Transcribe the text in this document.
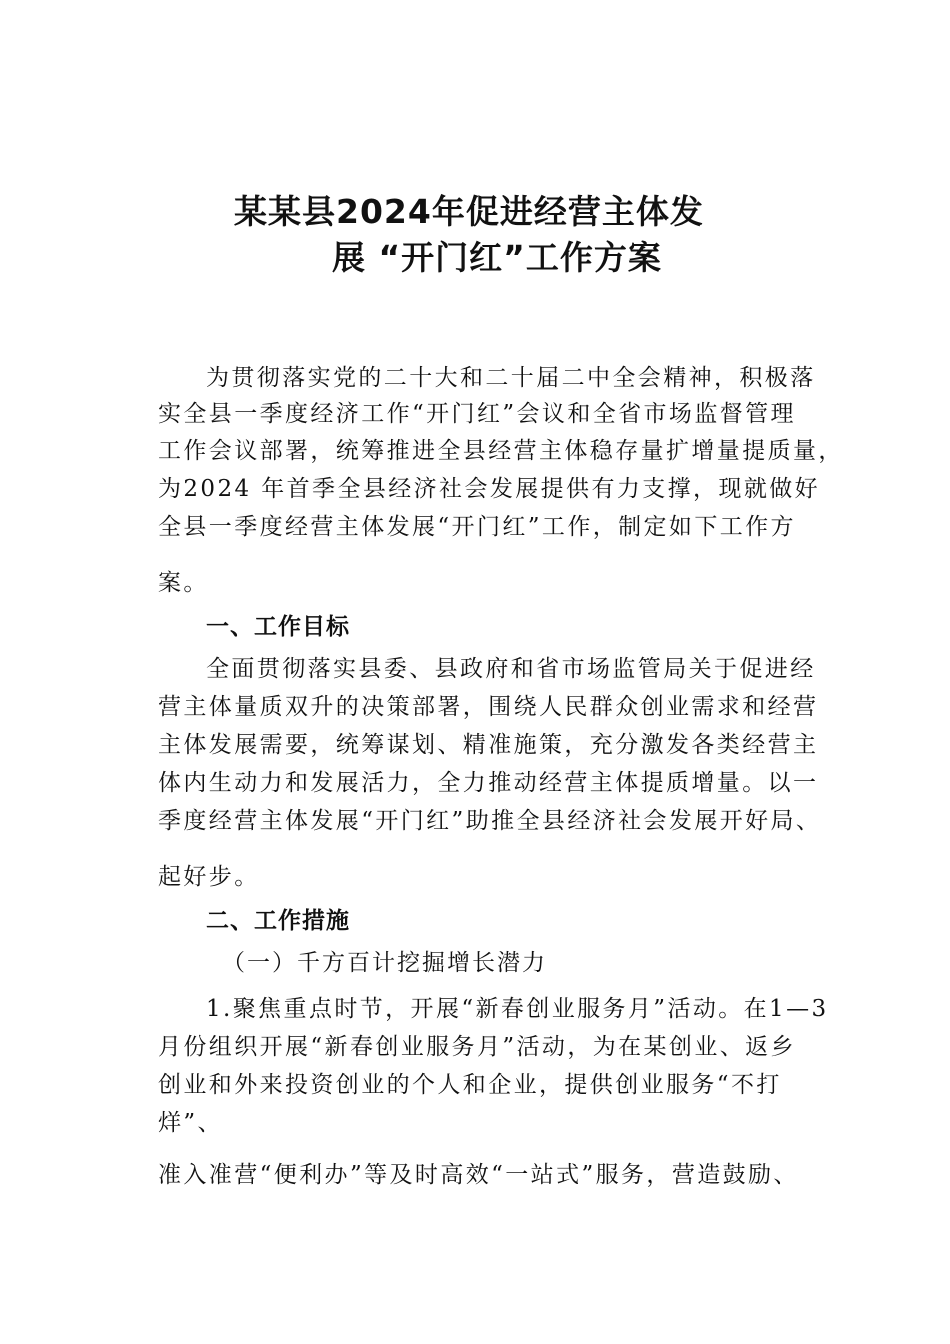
某某县2024年促进经营主体发
展 “开门红”工作方案
为贯彻落实党的二十大和二十届二中全会精神，积极落
实全县一季度经济工作“开门红”会议和全省市场监督管理
工作会议部署，统筹推进全县经营主体稳存量扩增量提质量，
为2024 年首季全县经济社会发展提供有力支撑，现就做好
全县一季度经营主体发展“开门红”工作，制定如下工作方
案。
一、工作目标
全面贯彻落实县委、县政府和省市场监管局关于促进经
营主体量质双升的决策部署，围绕人民群众创业需求和经营
主体发展需要，统筹谋划、精准施策，充分激发各类经营主
体内生动力和发展活力，全力推动经营主体提质增量。以一
季度经营主体发展“开门红”助推全县经济社会发展开好局、
起好步。
二、工作措施
（一）千方百计挖掘增长潜力
1.聚焦重点时节，开展“新春创业服务月”活动。在1—3
月份组织开展“新春创业服务月”活动，为在某创业、返乡
创业和外来投资创业的个人和企业，提供创业服务“不打
烊”、
准入准营“便利办”等及时高效“一站式”服务，营造鼓励、
